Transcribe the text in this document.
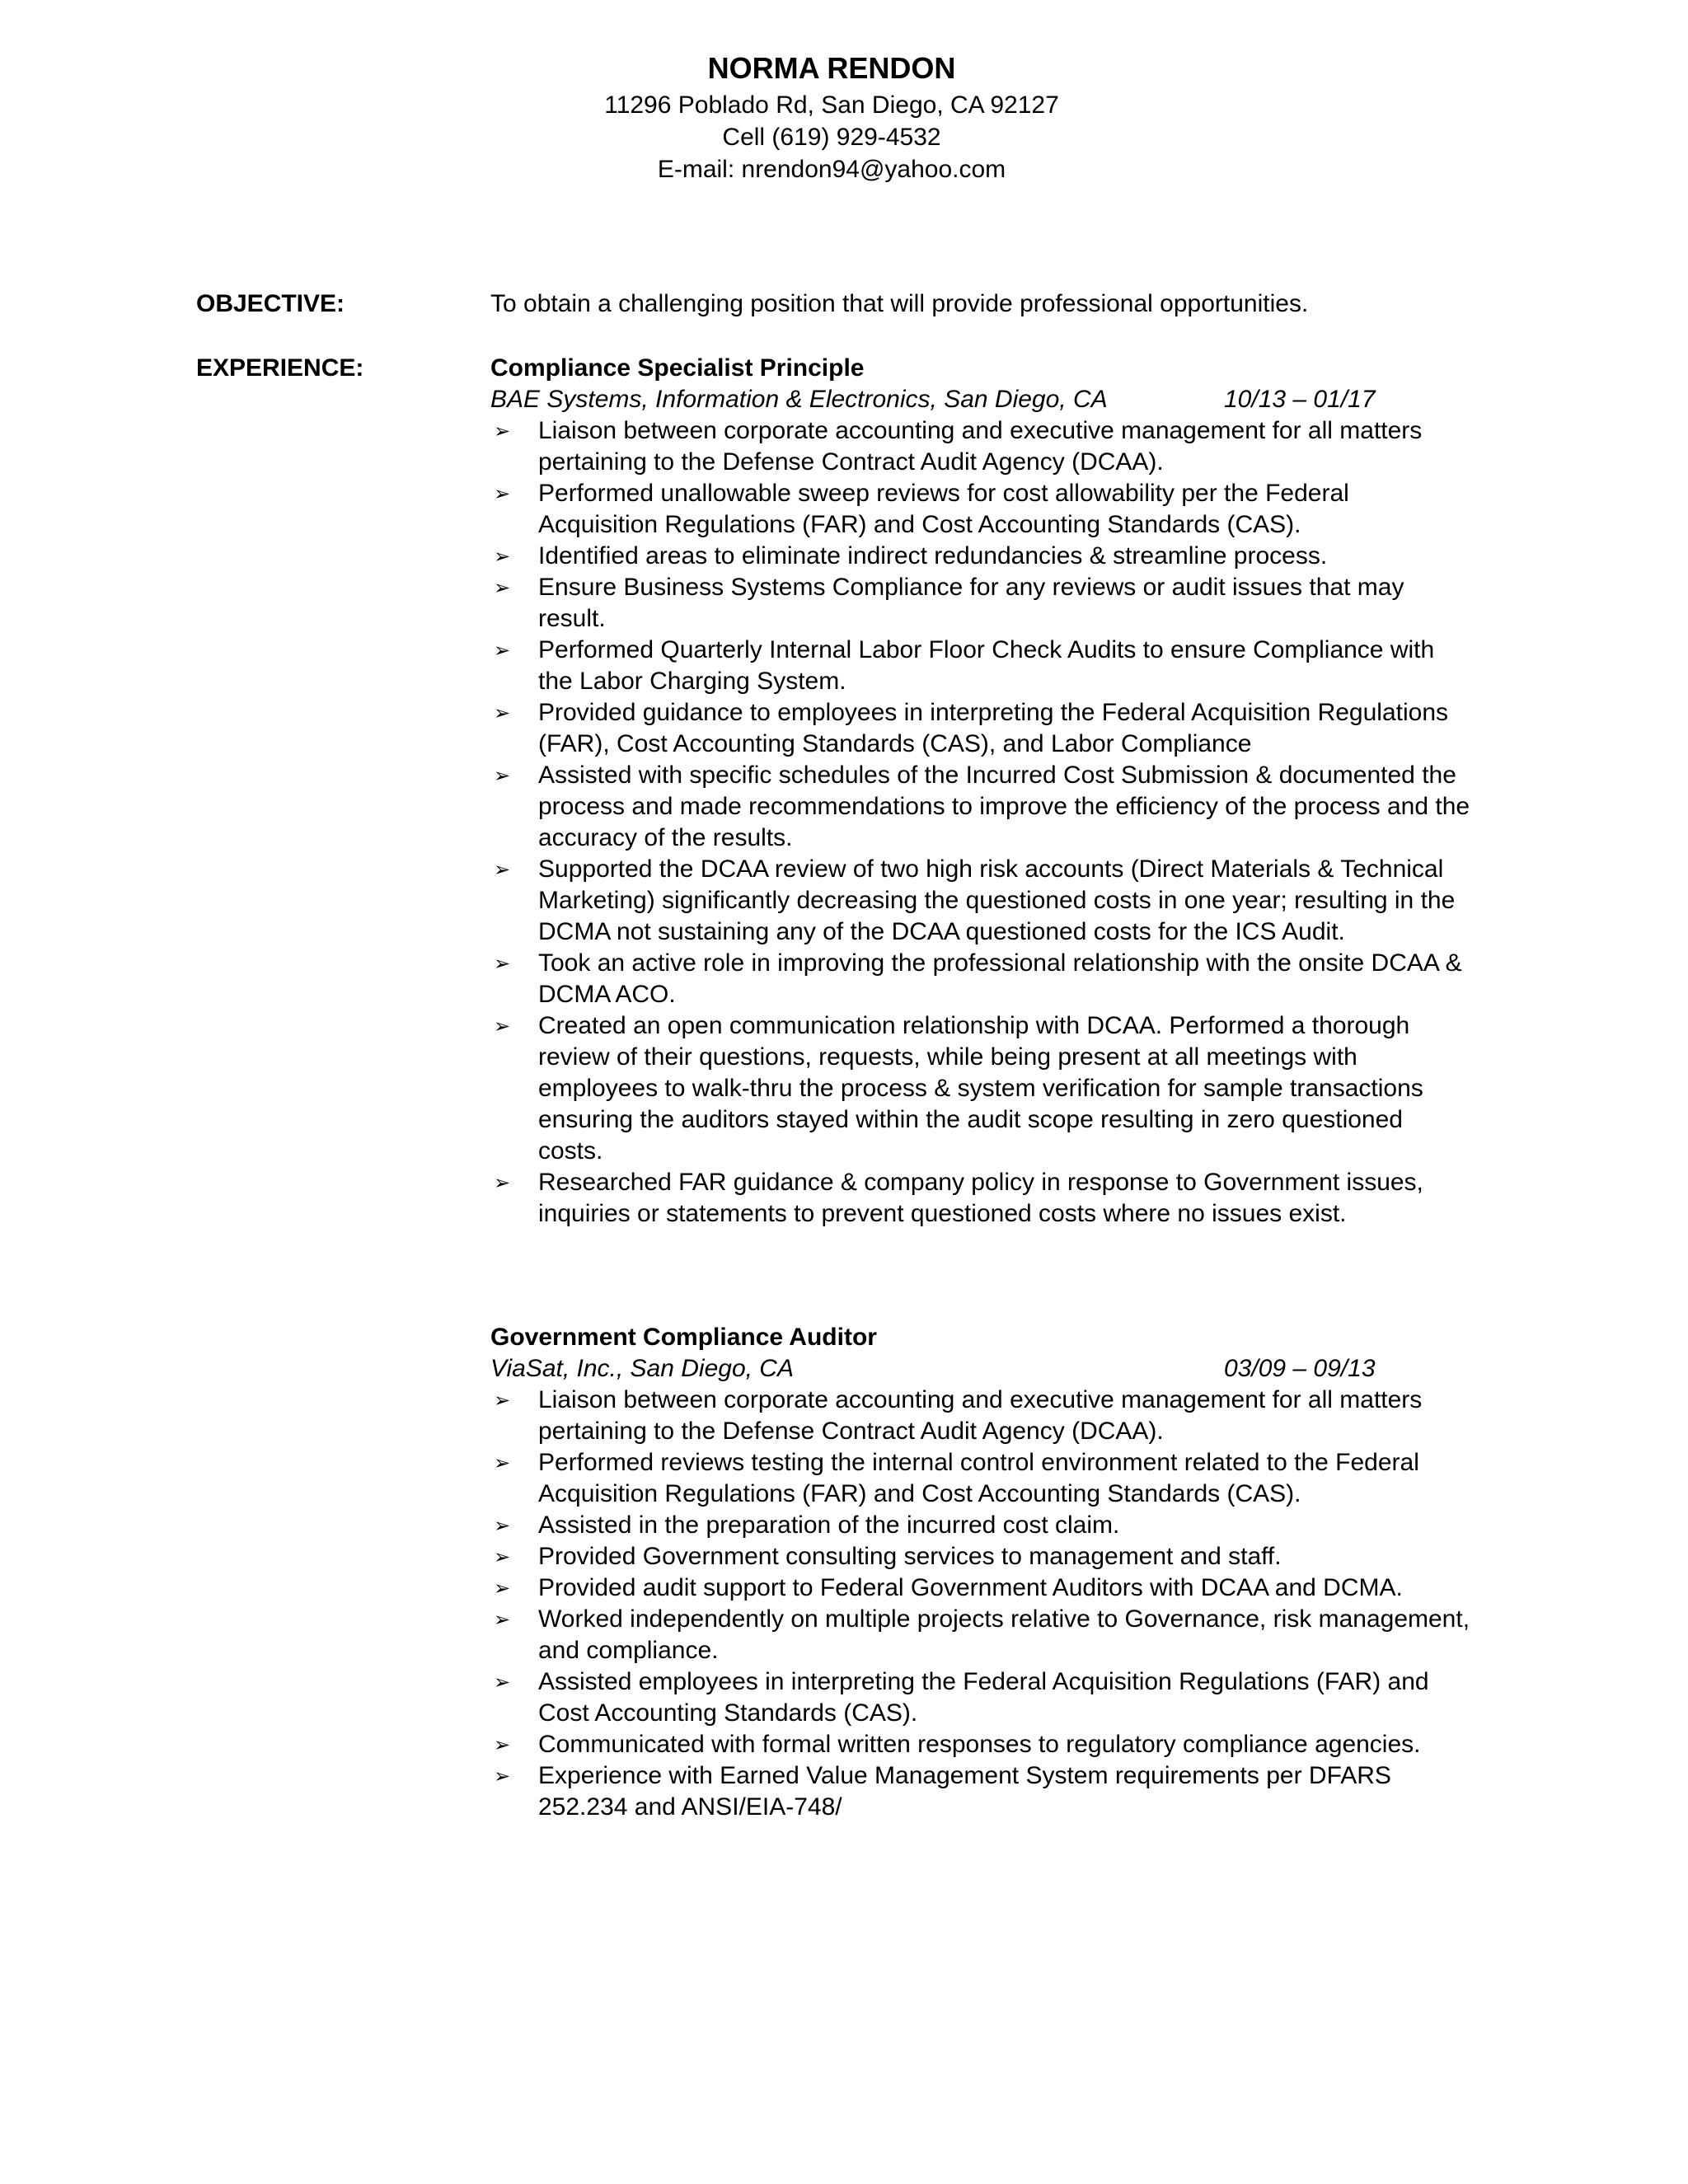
NORMA RENDON
11296 Poblado Rd, San Diego, CA 92127
Cell (619) 929-4532
E-mail: nrendon94@yahoo.com
OBJECTIVE:	To obtain a challenging position that will provide professional opportunities.
EXPERIENCE:	Compliance Specialist Principle
BAE Systems, Information & Electronics, San Diego, CA	10/13 – 01/17
➢ Liaison between corporate accounting and executive management for all matters pertaining to the Defense Contract Audit Agency (DCAA).
➢ Performed unallowable sweep reviews for cost allowability per the Federal Acquisition Regulations (FAR) and Cost Accounting Standards (CAS).
➢ Identified areas to eliminate indirect redundancies & streamline process.
➢ Ensure Business Systems Compliance for any reviews or audit issues that may result.
➢ Performed Quarterly Internal Labor Floor Check Audits to ensure Compliance with the Labor Charging System.
➢ Provided guidance to employees in interpreting the Federal Acquisition Regulations (FAR), Cost Accounting Standards (CAS), and Labor Compliance
➢ Assisted with specific schedules of the Incurred Cost Submission & documented the process and made recommendations to improve the efficiency of the process and the accuracy of the results.
➢ Supported the DCAA review of two high risk accounts (Direct Materials & Technical Marketing) significantly decreasing the questioned costs in one year; resulting in the DCMA not sustaining any of the DCAA questioned costs for the ICS Audit.
➢ Took an active role in improving the professional relationship with the onsite DCAA & DCMA ACO.
➢ Created an open communication relationship with DCAA. Performed a thorough review of their questions, requests, while being present at all meetings with employees to walk-thru the process & system verification for sample transactions ensuring the auditors stayed within the audit scope resulting in zero questioned costs.
➢ Researched FAR guidance & company policy in response to Government issues, inquiries or statements to prevent questioned costs where no issues exist.
Government Compliance Auditor
ViaSat, Inc., San Diego, CA	03/09 – 09/13
➢ Liaison between corporate accounting and executive management for all matters pertaining to the Defense Contract Audit Agency (DCAA).
➢ Performed reviews testing the internal control environment related to the Federal Acquisition Regulations (FAR) and Cost Accounting Standards (CAS).
➢ Assisted in the preparation of the incurred cost claim.
➢ Provided Government consulting services to management and staff.
➢ Provided audit support to Federal Government Auditors with DCAA and DCMA.
➢ Worked independently on multiple projects relative to Governance, risk management, and compliance.
➢ Assisted employees in interpreting the Federal Acquisition Regulations (FAR) and Cost Accounting Standards (CAS).
➢ Communicated with formal written responses to regulatory compliance agencies.
➢ Experience with Earned Value Management System requirements per DFARS 252.234 and ANSI/EIA-748/
